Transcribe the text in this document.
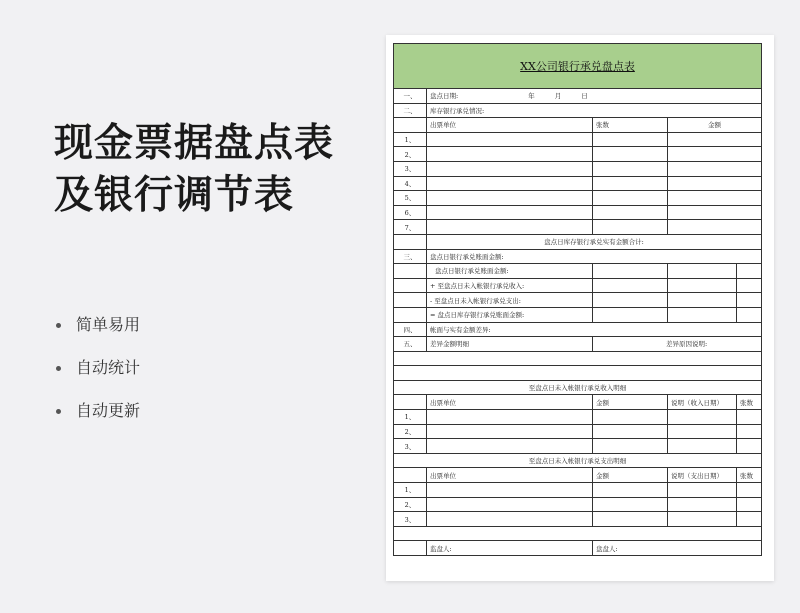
现金票据盘点表
及银行调节表
简单易用
自动统计
自动更新
XX公司银行承兑盘点表				
一、	盘点日期: 年 月 日			
二、	库存银行承兑情况:			
	出票单位	张数	金额	
1、				
2、				
3、				
4、				
5、				
6、				
7、				
	盘点日库存银行承兑实有金额合计:			
三、	盘点日银行承兑账面金额:			
	盘点日银行承兑账面金额:			
	+ 至盘点日未入帐银行承兑收入:			
	- 至盘点日未入帐银行承兑支出:			
	= 盘点日库存银行承兑账面金额:			
四、	帐面与实有金额差异:			
五、	差异金额明细	差异原因说明:		

至盘点日未入帐银行承兑收入明细				
	出票单位	金额	说明（收入日期）	张数
1、				
2、				
3、				
至盘点日未入帐银行承兑支出明细				
	出票单位	金额	说明（支出日期）	张数
1、				
2、				
3、				

	监盘人:	盘盘人:		
